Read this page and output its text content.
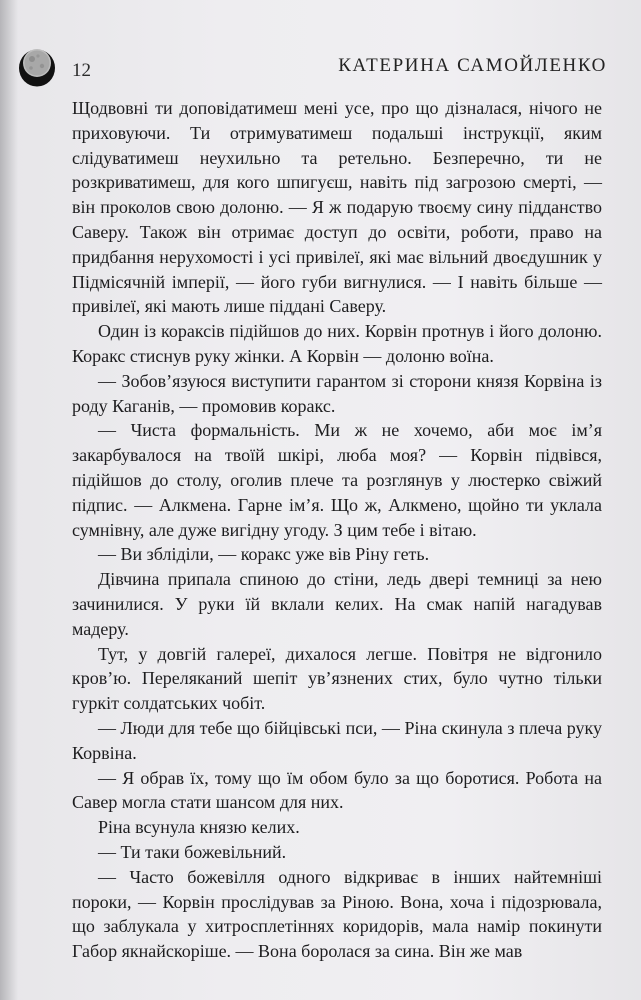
12	КАТЕРИНА САМОЙЛЕНКО

Щодвовні ти доповідатимеш мені усе, про що дізналася, нічого не приховуючи. Ти отримуватимеш подальші інструкції, яким слідуватимеш неухильно та ретельно. Безперечно, ти не розкриватимеш, для кого шпигуєш, навіть під загрозою смерті, — він проколов свою долоню. — Я ж подарую твоєму сину підданство Саверу. Також він отримає доступ до освіти, роботи, право на придбання нерухомості і усі привілеї, які має вільний двоєдушник у Підмісячній імперії, — його губи вигнулися. — І навіть більше — привілеї, які мають лише піддані Саверу.

Один із кораксів підійшов до них. Корвін протнув і його долоню. Коракс стиснув руку жінки. А Корвін — долоню воїна.

— Зобов’язуюся виступити гарантом зі сторони князя Корвіна із роду Каганів, — промовив коракс.

— Чиста формальність. Ми ж не хочемо, аби моє ім’я закарбувалося на твоїй шкірі, люба моя? — Корвін підвівся, підійшов до столу, оголив плече та розглянув у люстерко свіжий підпис. — Алкмена. Гарне ім’я. Що ж, Алкмено, щойно ти уклала сумнівну, але дуже вигідну угоду. З цим тебе і вітаю.

— Ви збліділи, — коракс уже вів Ріну геть.

Дівчина припала спиною до стіни, ледь двері темниці за нею зачинилися. У руки їй вклали келих. На смак напій нагадував мадеру.

Тут, у довгій галереї, дихалося легше. Повітря не відгонило кров’ю. Переляканий шепіт ув’язнених стих, було чутно тільки гуркіт солдатських чобіт.

— Люди для тебе що бійцівські пси, — Ріна скинула з плеча руку Корвіна.

— Я обрав їх, тому що їм обом було за що боротися. Робота на Савер могла стати шансом для них.

Ріна всунула князю келих.

— Ти таки божевільний.

— Часто божевілля одного відкриває в інших найтемніші пороки, — Корвін прослідував за Ріною. Вона, хоча і підозрювала, що заблукала у хитросплетіннях коридорів, мала намір покинути Габор якнайскоріше. — Вона боролася за сина. Він же мав
